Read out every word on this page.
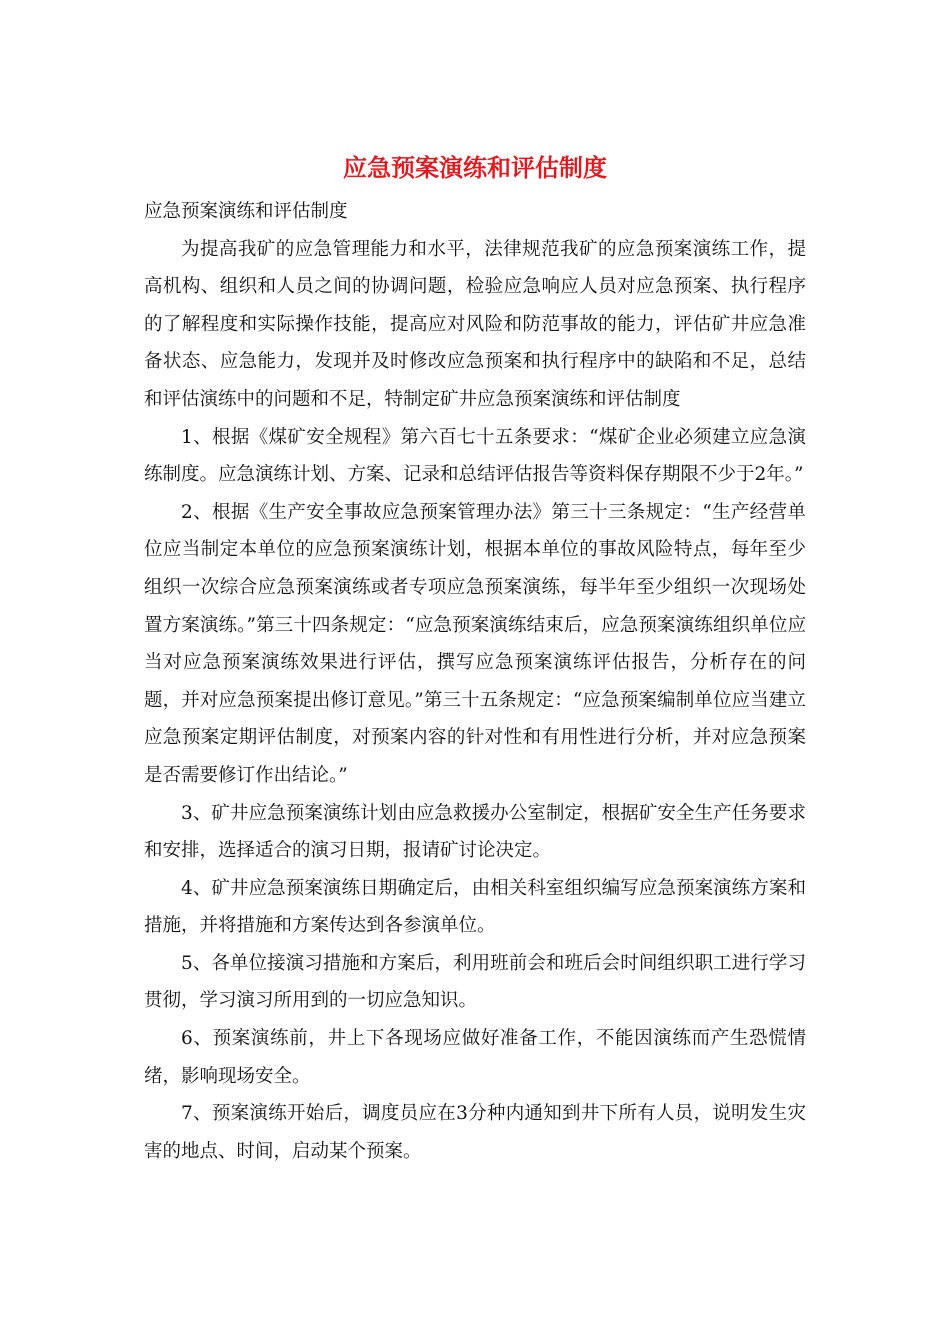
应急预案演练和评估制度

应急预案演练和评估制度

为提高我矿的应急管理能力和水平，法律规范我矿的应急预案演练工作，提高机构、组织和人员之间的协调问题，检验应急响应人员对应急预案、执行程序的了解程度和实际操作技能，提高应对风险和防范事故的能力，评估矿井应急准备状态、应急能力，发现并及时修改应急预案和执行程序中的缺陷和不足，总结和评估演练中的问题和不足，特制定矿井应急预案演练和评估制度

1、根据《煤矿安全规程》第六百七十五条要求：“煤矿企业必须建立应急演练制度。应急演练计划、方案、记录和总结评估报告等资料保存期限不少于2年。”

2、根据《生产安全事故应急预案管理办法》第三十三条规定：“生产经营单位应当制定本单位的应急预案演练计划，根据本单位的事故风险特点，每年至少组织一次综合应急预案演练或者专项应急预案演练，每半年至少组织一次现场处置方案演练。”第三十四条规定：“应急预案演练结束后，应急预案演练组织单位应当对应急预案演练效果进行评估，撰写应急预案演练评估报告，分析存在的问题，并对应急预案提出修订意见。”第三十五条规定：“应急预案编制单位应当建立应急预案定期评估制度，对预案内容的针对性和有用性进行分析，并对应急预案是否需要修订作出结论。”

3、矿井应急预案演练计划由应急救援办公室制定，根据矿安全生产任务要求和安排，选择适合的演习日期，报请矿讨论决定。

4、矿井应急预案演练日期确定后，由相关科室组织编写应急预案演练方案和措施，并将措施和方案传达到各参演单位。

5、各单位接演习措施和方案后，利用班前会和班后会时间组织职工进行学习贯彻，学习演习所用到的一切应急知识。

6、预案演练前，井上下各现场应做好准备工作，不能因演练而产生恐慌情绪，影响现场安全。

7、预案演练开始后，调度员应在3分种内通知到井下所有人员，说明发生灾害的地点、时间，启动某个预案。
